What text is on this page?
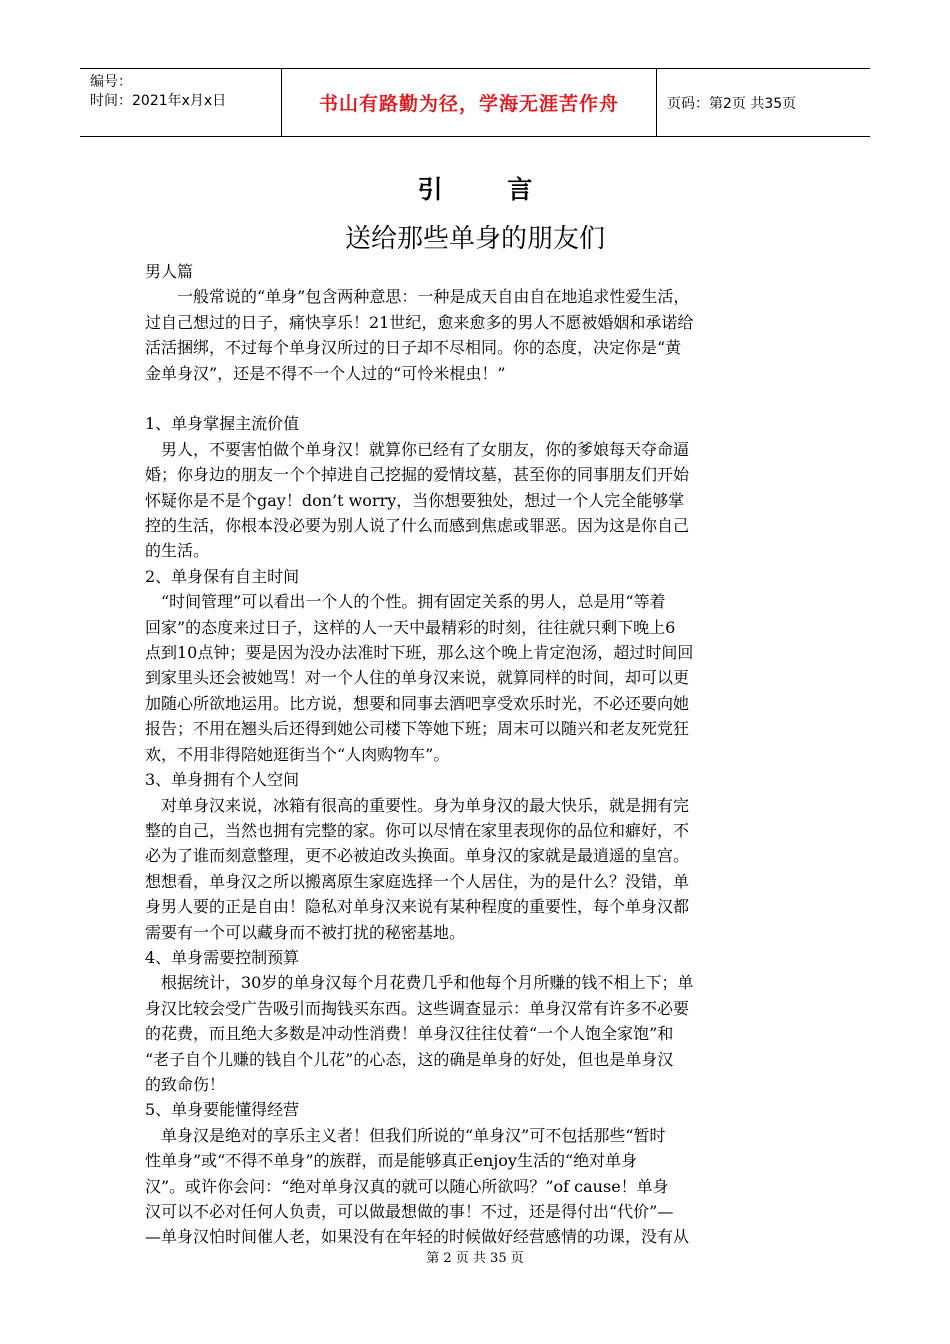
编号：
时间：2021年x月x日	书山有路勤为径，学海无涯苦作舟	页码：第2页 共35页
引 言
送给那些单身的朋友们

男人篇

　　一般常说的“单身”包含两种意思：一种是成天自由自在地追求性爱生活，

过自己想过的日子，痛快享乐！21世纪，愈来愈多的男人不愿被婚姻和承诺给

活活捆绑，不过每个单身汉所过的日子却不尽相同。你的态度，决定你是“黄

金单身汉”，还是不得不一个人过的“可怜米棍虫！”

1、单身掌握主流价值

　男人，不要害怕做个单身汉！就算你已经有了女朋友，你的爹娘每天夺命逼

婚；你身边的朋友一个个掉进自己挖掘的爱情坟墓，甚至你的同事朋友们开始

怀疑你是不是个gay！don’t worry，当你想要独处，想过一个人完全能够掌

控的生活，你根本没必要为别人说了什么而感到焦虑或罪恶。因为这是你自己

的生活。

2、单身保有自主时间

　“时间管理”可以看出一个人的个性。拥有固定关系的男人，总是用“等着

回家”的态度来过日子，这样的人一天中最精彩的时刻，往往就只剩下晚上6

点到10点钟；要是因为没办法准时下班，那么这个晚上肯定泡汤，超过时间回

到家里头还会被她骂！对一个人住的单身汉来说，就算同样的时间，却可以更

加随心所欲地运用。比方说，想要和同事去酒吧享受欢乐时光，不必还要向她

报告；不用在翘头后还得到她公司楼下等她下班；周末可以随兴和老友死党狂

欢，不用非得陪她逛街当个“人肉购物车”。

3、单身拥有个人空间

　对单身汉来说，冰箱有很高的重要性。身为单身汉的最大快乐，就是拥有完

整的自己，当然也拥有完整的家。你可以尽情在家里表现你的品位和癖好，不

必为了谁而刻意整理，更不必被迫改头换面。单身汉的家就是最逍遥的皇宫。

想想看，单身汉之所以搬离原生家庭选择一个人居住，为的是什么？没错，单

身男人要的正是自由！隐私对单身汉来说有某种程度的重要性，每个单身汉都

需要有一个可以藏身而不被打扰的秘密基地。

4、单身需要控制预算

　根据统计，30岁的单身汉每个月花费几乎和他每个月所赚的钱不相上下；单

身汉比较会受广告吸引而掏钱买东西。这些调查显示：单身汉常有许多不必要

的花费，而且绝大多数是冲动性消费！单身汉往往仗着“一个人饱全家饱”和

“老子自个儿赚的钱自个儿花”的心态，这的确是单身的好处，但也是单身汉

的致命伤！

5、单身要能懂得经营

　单身汉是绝对的享乐主义者！但我们所说的“单身汉”可不包括那些“暂时

性单身”或“不得不单身”的族群，而是能够真正enjoy生活的“绝对单身

汉”。或许你会问：“绝对单身汉真的就可以随心所欲吗？”of cause！单身

汉可以不必对任何人负责，可以做最想做的事！不过，还是得付出“代价”—

—单身汉怕时间催人老，如果没有在年轻的时候做好经营感情的功课，没有从

第 2 页 共 35 页
